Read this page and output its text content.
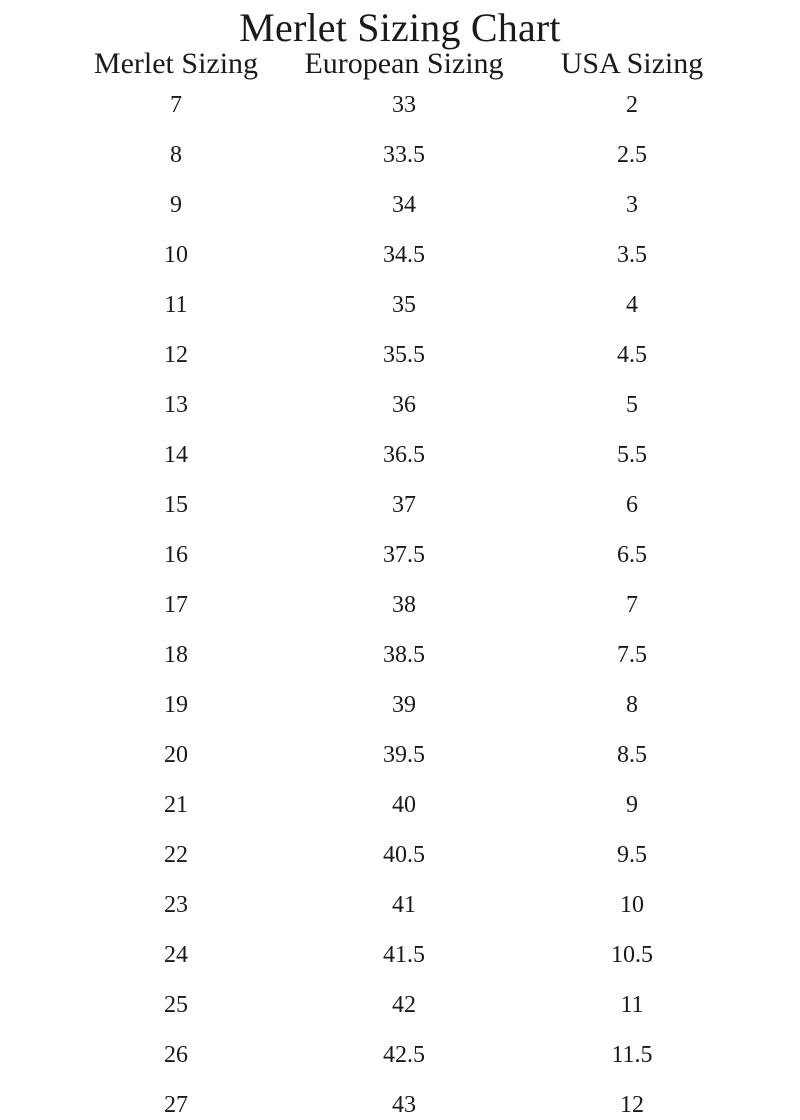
Merlet Sizing Chart
Merlet Sizing	European Sizing	USA Sizing
7	33	2
8	33.5	2.5
9	34	3
10	34.5	3.5
11	35	4
12	35.5	4.5
13	36	5
14	36.5	5.5
15	37	6
16	37.5	6.5
17	38	7
18	38.5	7.5
19	39	8
20	39.5	8.5
21	40	9
22	40.5	9.5
23	41	10
24	41.5	10.5
25	42	11
26	42.5	11.5
27	43	12
